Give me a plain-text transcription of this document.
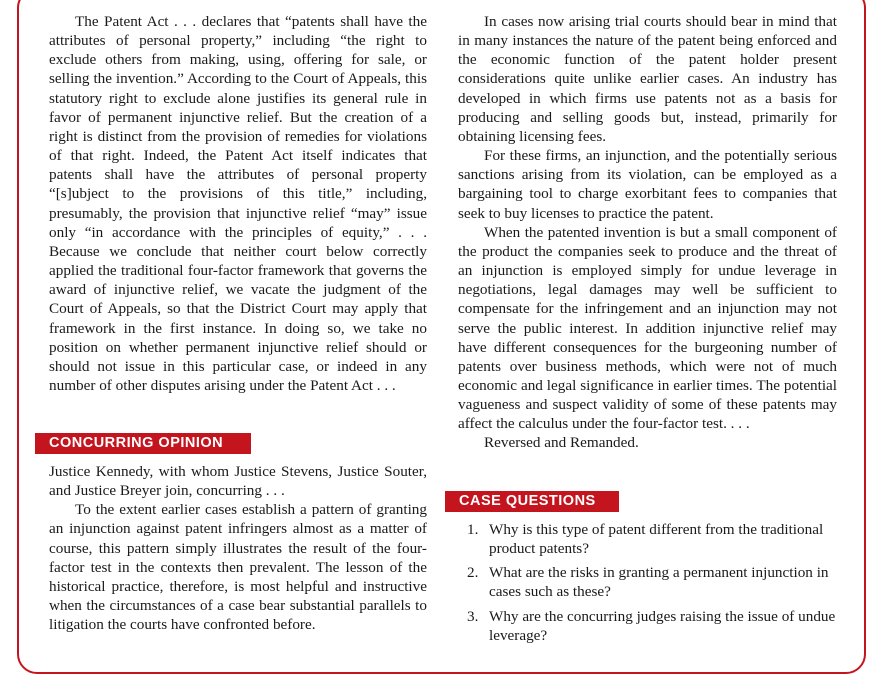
The Patent Act . . . declares that “patents shall have the attributes of personal property,” including “the right to exclude others from making, using, offering for sale, or selling the invention.” According to the Court of Appeals, this statutory right to exclude alone justifies its general rule in favor of permanent injunctive relief. But the creation of a right is distinct from the provision of remedies for violations of that right. Indeed, the Patent Act itself indicates that patents shall have the attributes of personal property “[s]ubject to the provisions of this title,” including, presumably, the provision that injunctive relief “may” issue only “in accordance with the principles of equity,” . . . Because we conclude that neither court below correctly applied the traditional four-factor framework that governs the award of injunctive relief, we vacate the judgment of the Court of Appeals, so that the District Court may apply that framework in the first instance. In doing so, we take no position on whether permanent injunctive relief should or should not issue in this particular case, or indeed in any number of other disputes arising under the Patent Act . . .

CONCURRING OPINION

Justice Kennedy, with whom Justice Stevens, Justice Souter, and Justice Breyer join, concurring . . .

To the extent earlier cases establish a pattern of granting an injunction against patent infringers almost as a matter of course, this pattern simply illustrates the result of the four-factor test in the contexts then prevalent. The lesson of the historical practice, therefore, is most helpful and instructive when the circumstances of a case bear substantial parallels to litigation the courts have confronted before.

In cases now arising trial courts should bear in mind that in many instances the nature of the patent being enforced and the economic function of the patent holder present considerations quite unlike earlier cases. An industry has developed in which firms use patents not as a basis for producing and selling goods but, instead, primarily for obtaining licensing fees.

For these firms, an injunction, and the potentially serious sanctions arising from its violation, can be employed as a bargaining tool to charge exorbitant fees to companies that seek to buy licenses to practice the patent.

When the patented invention is but a small component of the product the companies seek to produce and the threat of an injunction is employed simply for undue leverage in negotiations, legal damages may well be sufficient to compensate for the infringement and an injunction may not serve the public interest. In addition injunctive relief may have different consequences for the burgeoning number of patents over business methods, which were not of much economic and legal significance in earlier times. The potential vagueness and suspect validity of some of these patents may affect the calculus under the four-factor test. . . .

Reversed and Remanded.

CASE QUESTIONS
1. Why is this type of patent different from the traditional product patents?
2. What are the risks in granting a permanent injunction in cases such as these?
3. Why are the concurring judges raising the issue of undue leverage?
